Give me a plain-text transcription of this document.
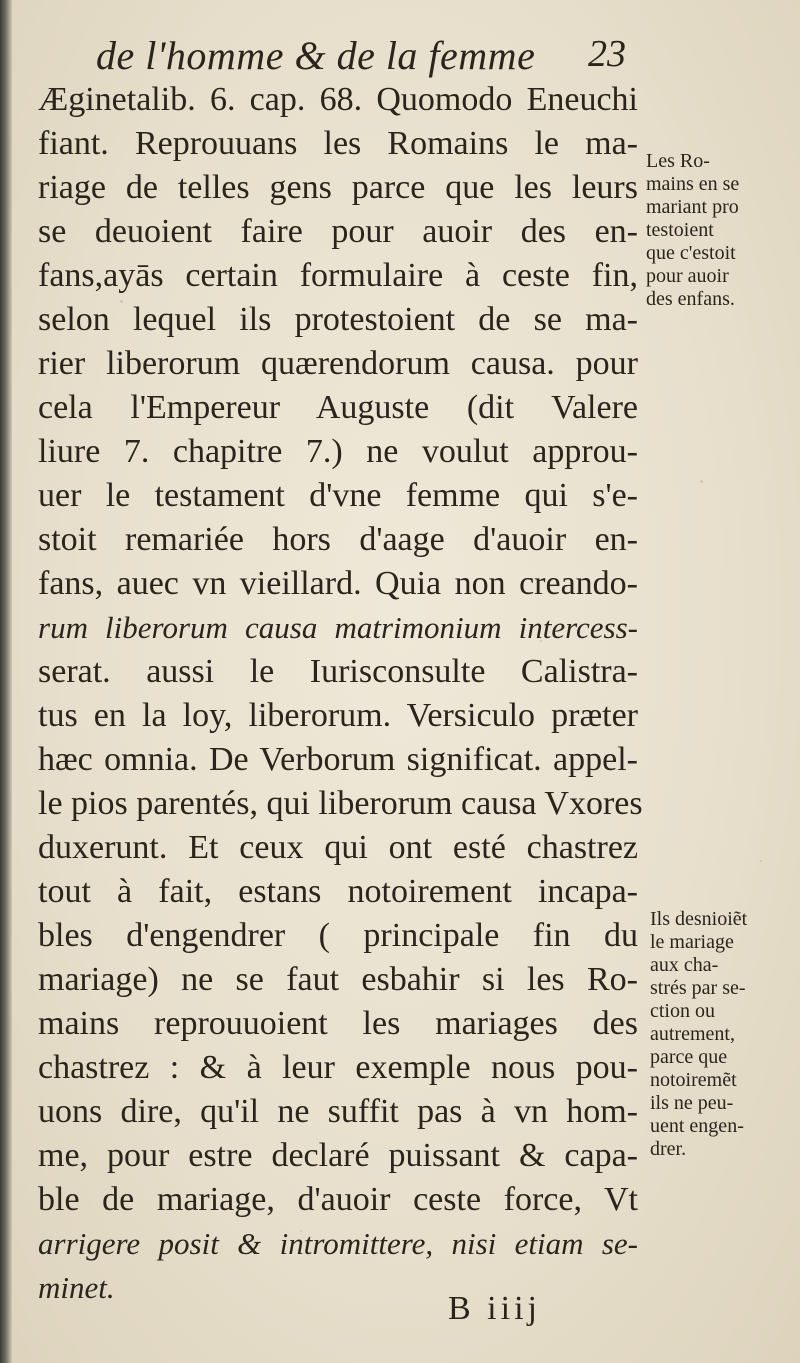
de l'homme & de la femme 23
Æginetalib. 6. cap. 68. Quomodo Eneuchi
fiant. Reprouuans les Romains le ma-
riage de telles gens parce que les leurs
se deuoient faire pour auoir des en-
fans,ayās certain formulaire à ceste fin,
selon lequel ils protestoient de se ma-
rier liberorum quærendorum causa. pour
cela l'Empereur Auguste (dit Valere
liure 7. chapitre 7.) ne voulut approu-
uer le testament d'vne femme qui s'e-
stoit remariée hors d'aage d'auoir en-
fans, auec vn vieillard. Quia non creando-
rum liberorum causa matrimonium intercess-
serat. aussi le Iurisconsulte Calistra-
tus en la loy, liberorum. Versiculo præter
hæc omnia. De Verborum significat. appel-
le pios parentés, qui liberorum causa Vxores
duxerunt. Et ceux qui ont esté chastrez
tout à fait, estans notoirement incapa-
bles d'engendrer ( principale fin du
mariage) ne se faut esbahir si les Ro-
mains reprouuoient les mariages des
chastrez : & à leur exemple nous pou-
uons dire, qu'il ne suffit pas à vn hom-
me, pour estre declaré puissant & capa-
ble de mariage, d'auoir ceste force, Vt
arrigere posit & intromittere, nisi etiam se-
minet.
Les Ro-
mains en se
mariant pro
testoient
que c'estoit
pour auoir
des enfans.
Ils desnioiẽt
le mariage
aux cha-
strés par se-
ction ou
autrement,
parce que
notoiremẽt
ils ne peu-
uent engen-
drer.
B iiij
